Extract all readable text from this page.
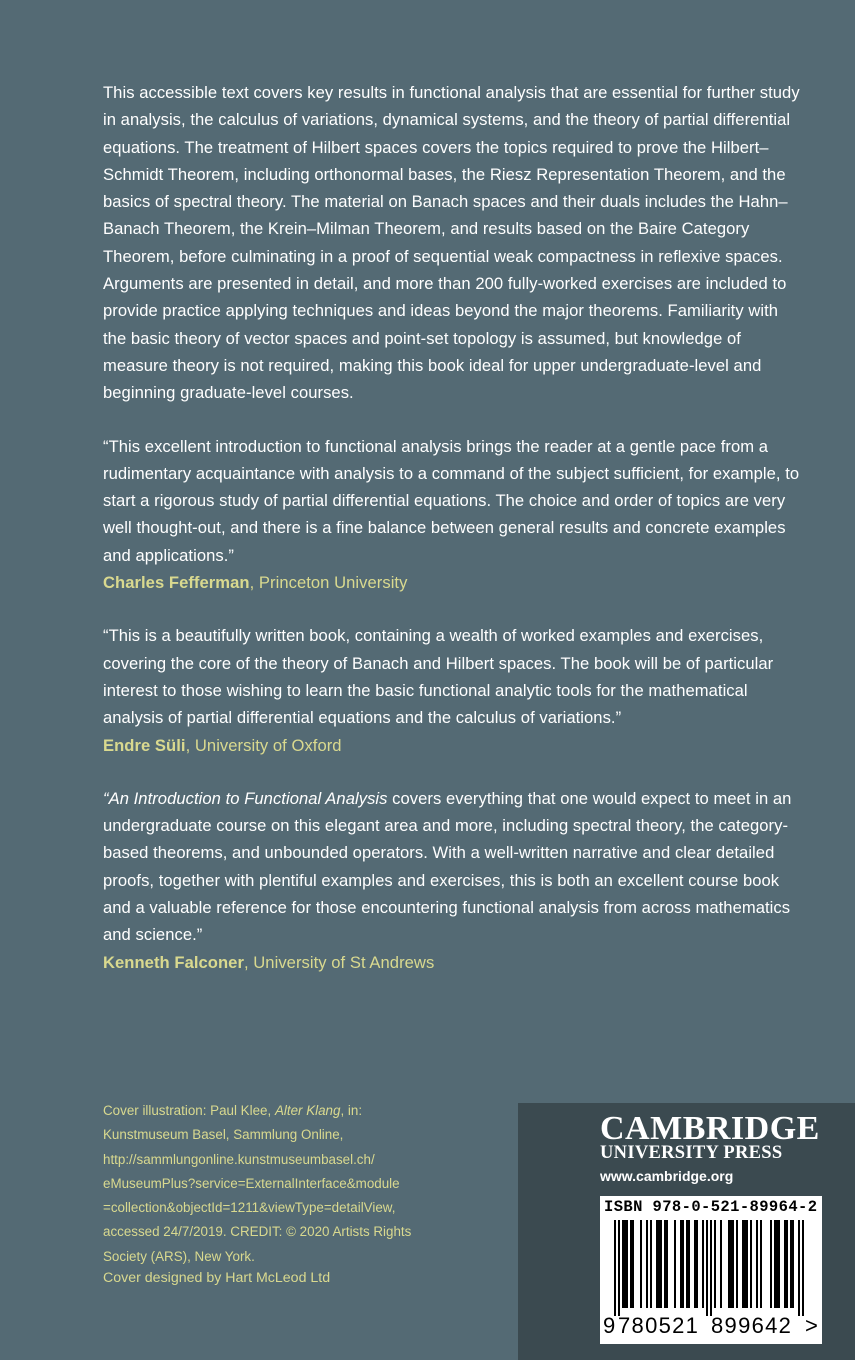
This accessible text covers key results in functional analysis that are essential for further study in analysis, the calculus of variations, dynamical systems, and the theory of partial differential equations. The treatment of Hilbert spaces covers the topics required to prove the Hilbert–Schmidt Theorem, including orthonormal bases, the Riesz Representation Theorem, and the basics of spectral theory. The material on Banach spaces and their duals includes the Hahn–Banach Theorem, the Krein–Milman Theorem, and results based on the Baire Category Theorem, before culminating in a proof of sequential weak compactness in reflexive spaces. Arguments are presented in detail, and more than 200 fully-worked exercises are included to provide practice applying techniques and ideas beyond the major theorems. Familiarity with the basic theory of vector spaces and point-set topology is assumed, but knowledge of measure theory is not required, making this book ideal for upper undergraduate-level and beginning graduate-level courses.

“This excellent introduction to functional analysis brings the reader at a gentle pace from a rudimentary acquaintance with analysis to a command of the subject sufficient, for example, to start a rigorous study of partial differential equations. The choice and order of topics are very well thought-out, and there is a fine balance between general results and concrete examples and applications.”
Charles Fefferman, Princeton University

“This is a beautifully written book, containing a wealth of worked examples and exercises, covering the core of the theory of Banach and Hilbert spaces. The book will be of particular interest to those wishing to learn the basic functional analytic tools for the mathematical analysis of partial differential equations and the calculus of variations.”
Endre Süli, University of Oxford

“An Introduction to Functional Analysis covers everything that one would expect to meet in an undergraduate course on this elegant area and more, including spectral theory, the category-based theorems, and unbounded operators. With a well-written narrative and clear detailed proofs, together with plentiful examples and exercises, this is both an excellent course book and a valuable reference for those encountering functional analysis from across mathematics and science.”
Kenneth Falconer, University of St Andrews

Cover illustration: Paul Klee, Alter Klang, in:
Kunstmuseum Basel, Sammlung Online,
http://sammlungonline.kunstmuseumbasel.ch/
eMuseumPlus?service=ExternalInterface&module
=collection&objectId=1211&viewType=detailView,
accessed 24/7/2019. CREDIT: © 2020 Artists Rights
Society (ARS), New York.
Cover designed by Hart McLeod Ltd
CAMBRIDGE
UNIVERSITY PRESS
www.cambridge.org
ISBN 978-0-521-89964-2
9 780521 899642 >
